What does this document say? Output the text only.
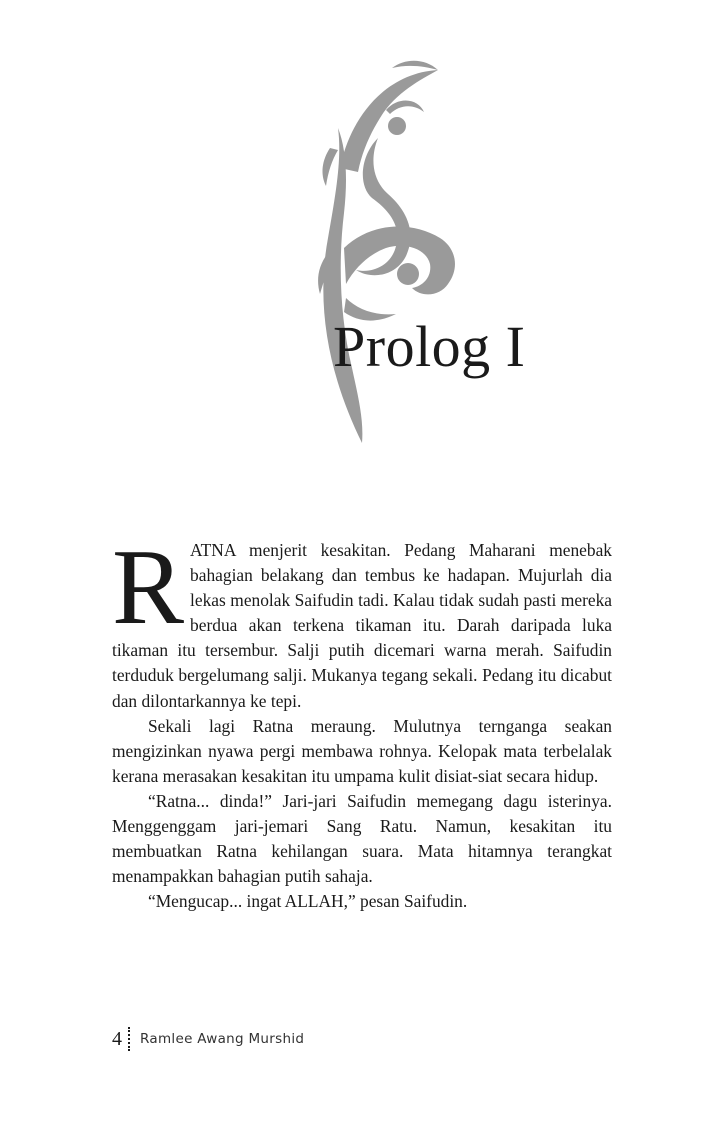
Prolog I

RATNA menjerit kesakitan. Pedang Maharani menebak bahagian belakang dan tembus ke hadapan. Mujurlah dia lekas menolak Saifudin tadi. Kalau tidak sudah pasti mereka berdua akan terkena tikaman itu. Darah daripada luka tikaman itu tersembur. Salji putih dicemari warna merah. Saifudin terduduk bergelumang salji. Mukanya tegang sekali. Pedang itu dicabut dan dilontarkannya ke tepi.

Sekali lagi Ratna meraung. Mulutnya ternganga seakan mengizinkan nyawa pergi membawa rohnya. Kelopak mata terbelalak kerana merasakan kesakitan itu umpama kulit disiat-siat secara hidup.

“Ratna... dinda!” Jari-jari Saifudin memegang dagu isterinya. Menggenggam jari-jemari Sang Ratu. Namun, kesakitan itu membuatkan Ratna kehilangan suara. Mata hitamnya terangkat menampakkan bahagian putih sahaja.

“Mengucap... ingat ALLAH,” pesan Saifudin.

4 Ramlee Awang Murshid
